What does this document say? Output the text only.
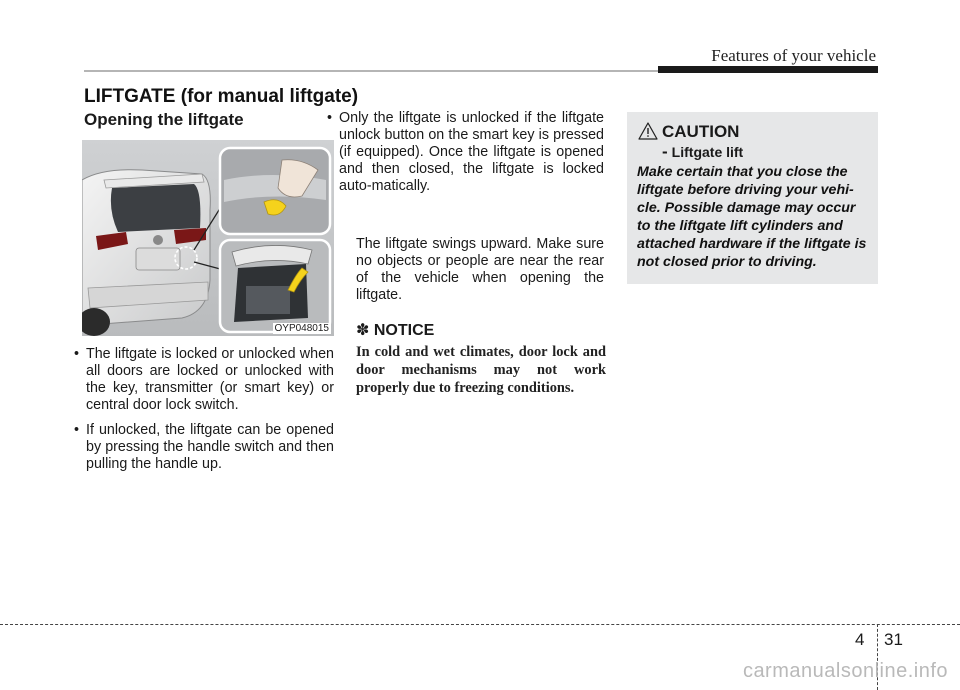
Features of your vehicle
LIFTGATE (for manual liftgate)
Opening the liftgate
OYP048015
• The liftgate is locked or unlocked when all doors are locked or unlocked with the key, transmitter (or smart key) or central door lock switch.
• If unlocked, the liftgate can be opened by pressing the handle switch and then pulling the handle up.
• Only the liftgate is unlocked if the liftgate unlock button on the smart key is pressed (if equipped). Once the liftgate is opened and then closed, the liftgate is locked auto-matically.
The liftgate swings upward. Make sure no objects or people are near the rear of the vehicle when opening the liftgate.
✽ NOTICE
In cold and wet climates, door lock and door mechanisms may not work properly due to freezing conditions.
CAUTION
- Liftgate lift
Make certain that you close the liftgate before driving your vehi-cle. Possible damage may occur to the liftgate lift cylinders and attached hardware if the liftgate is not closed prior to driving.
4 31
carmanualsonline.info
